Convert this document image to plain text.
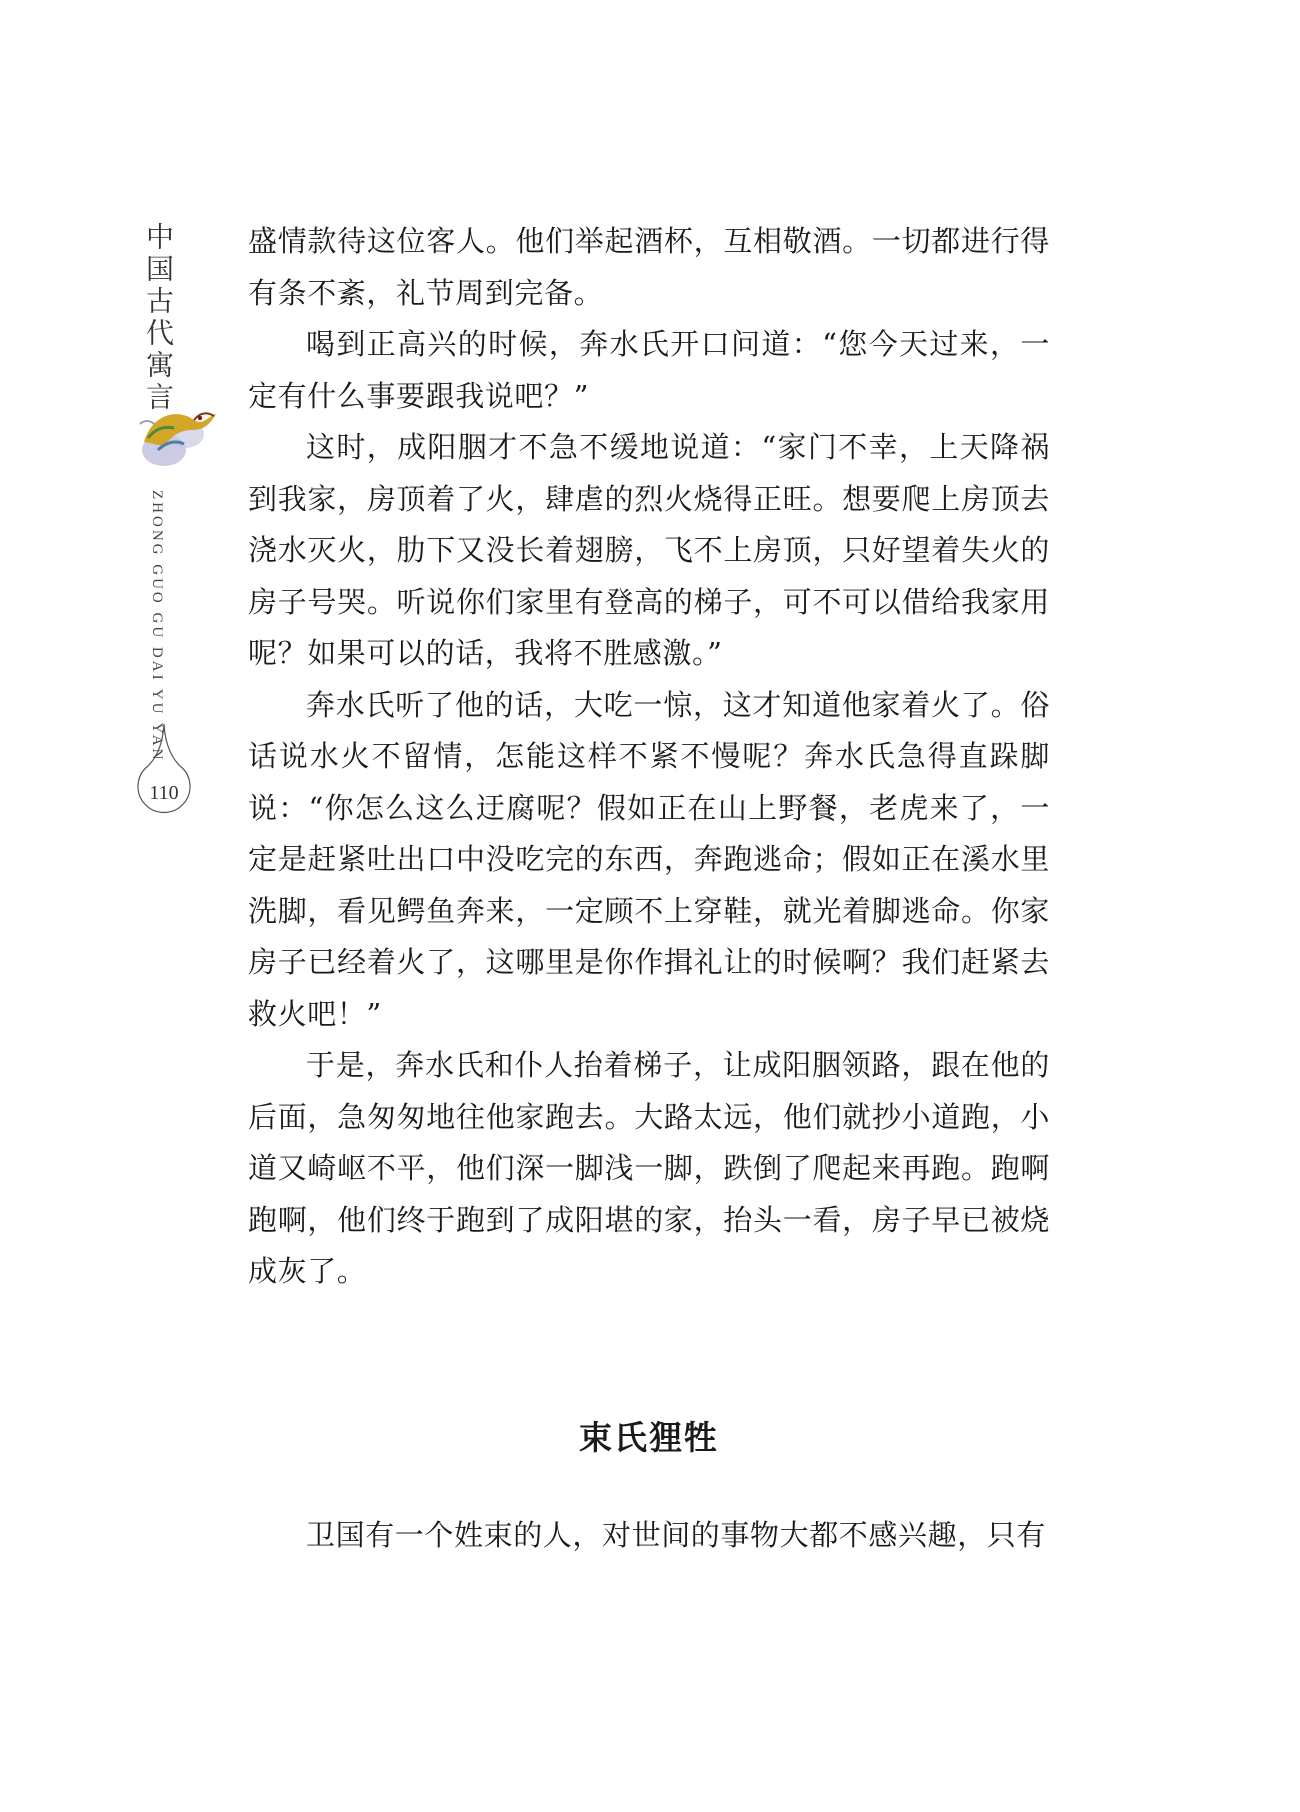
中国古代寓言
ZHONG GUO GU DAI YU YAN
110

盛情款待这位客人。他们举起酒杯，互相敬酒。一切都进行得有条不紊，礼节周到完备。

喝到正高兴的时候，奔水氏开口问道：“您今天过来，一定有什么事要跟我说吧？”

这时，成阳胭才不急不缓地说道：“家门不幸，上天降祸到我家，房顶着了火，肆虐的烈火烧得正旺。想要爬上房顶去浇水灭火，肋下又没长着翅膀，飞不上房顶，只好望着失火的房子号哭。听说你们家里有登高的梯子，可不可以借给我家用呢？如果可以的话，我将不胜感激。”

奔水氏听了他的话，大吃一惊，这才知道他家着火了。俗话说水火不留情，怎能这样不紧不慢呢？奔水氏急得直跺脚说：“你怎么这么迂腐呢？假如正在山上野餐，老虎来了，一定是赶紧吐出口中没吃完的东西，奔跑逃命；假如正在溪水里洗脚，看见鳄鱼奔来，一定顾不上穿鞋，就光着脚逃命。你家房子已经着火了，这哪里是你作揖礼让的时候啊？我们赶紧去救火吧！”

于是，奔水氏和仆人抬着梯子，让成阳胭领路，跟在他的后面，急匆匆地往他家跑去。大路太远，他们就抄小道跑，小道又崎岖不平，他们深一脚浅一脚，跌倒了爬起来再跑。跑啊跑啊，他们终于跑到了成阳堪的家，抬头一看，房子早已被烧成灰了。

束氏狸牲

卫国有一个姓束的人，对世间的事物大都不感兴趣，只有
